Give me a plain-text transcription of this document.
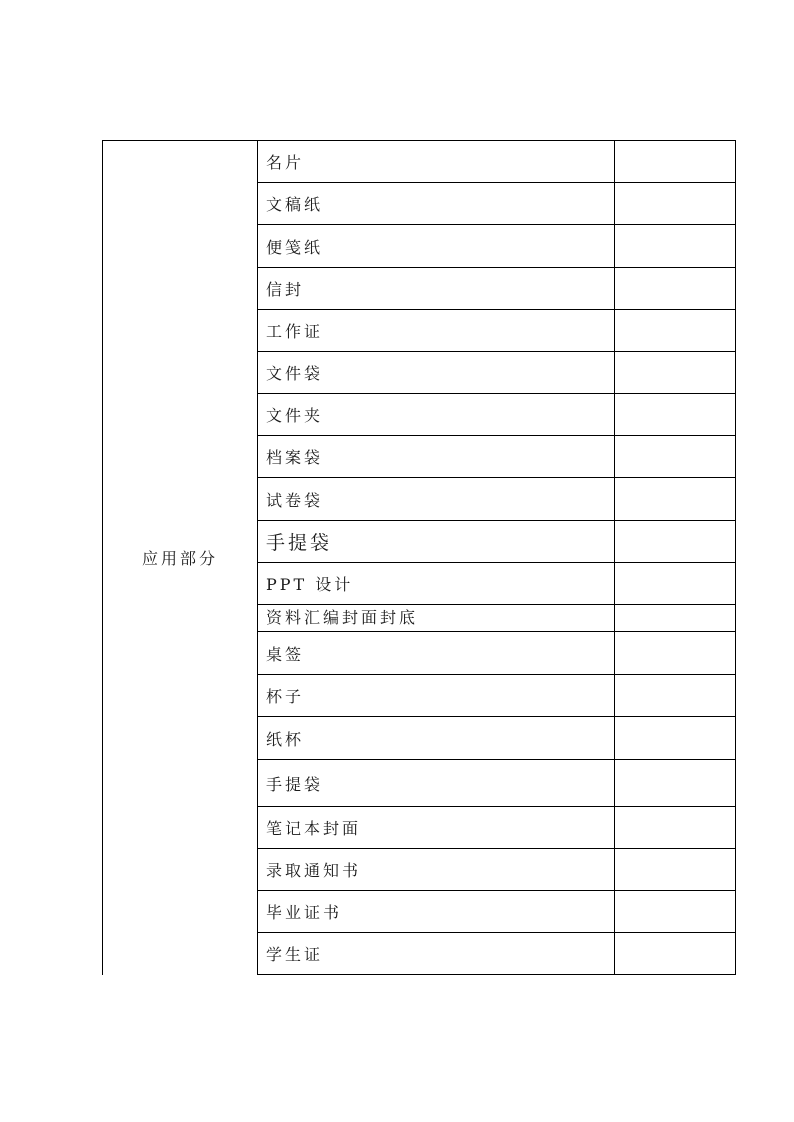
应用部分
名片	
文稿纸	
便笺纸	
信封	
工作证	
文件袋	
文件夹	
档案袋	
试卷袋	
手提袋	
PPT 设计	
资料汇编封面封底	
桌签	
杯子	
纸杯	
手提袋	
笔记本封面	
录取通知书	
毕业证书	
学生证	
